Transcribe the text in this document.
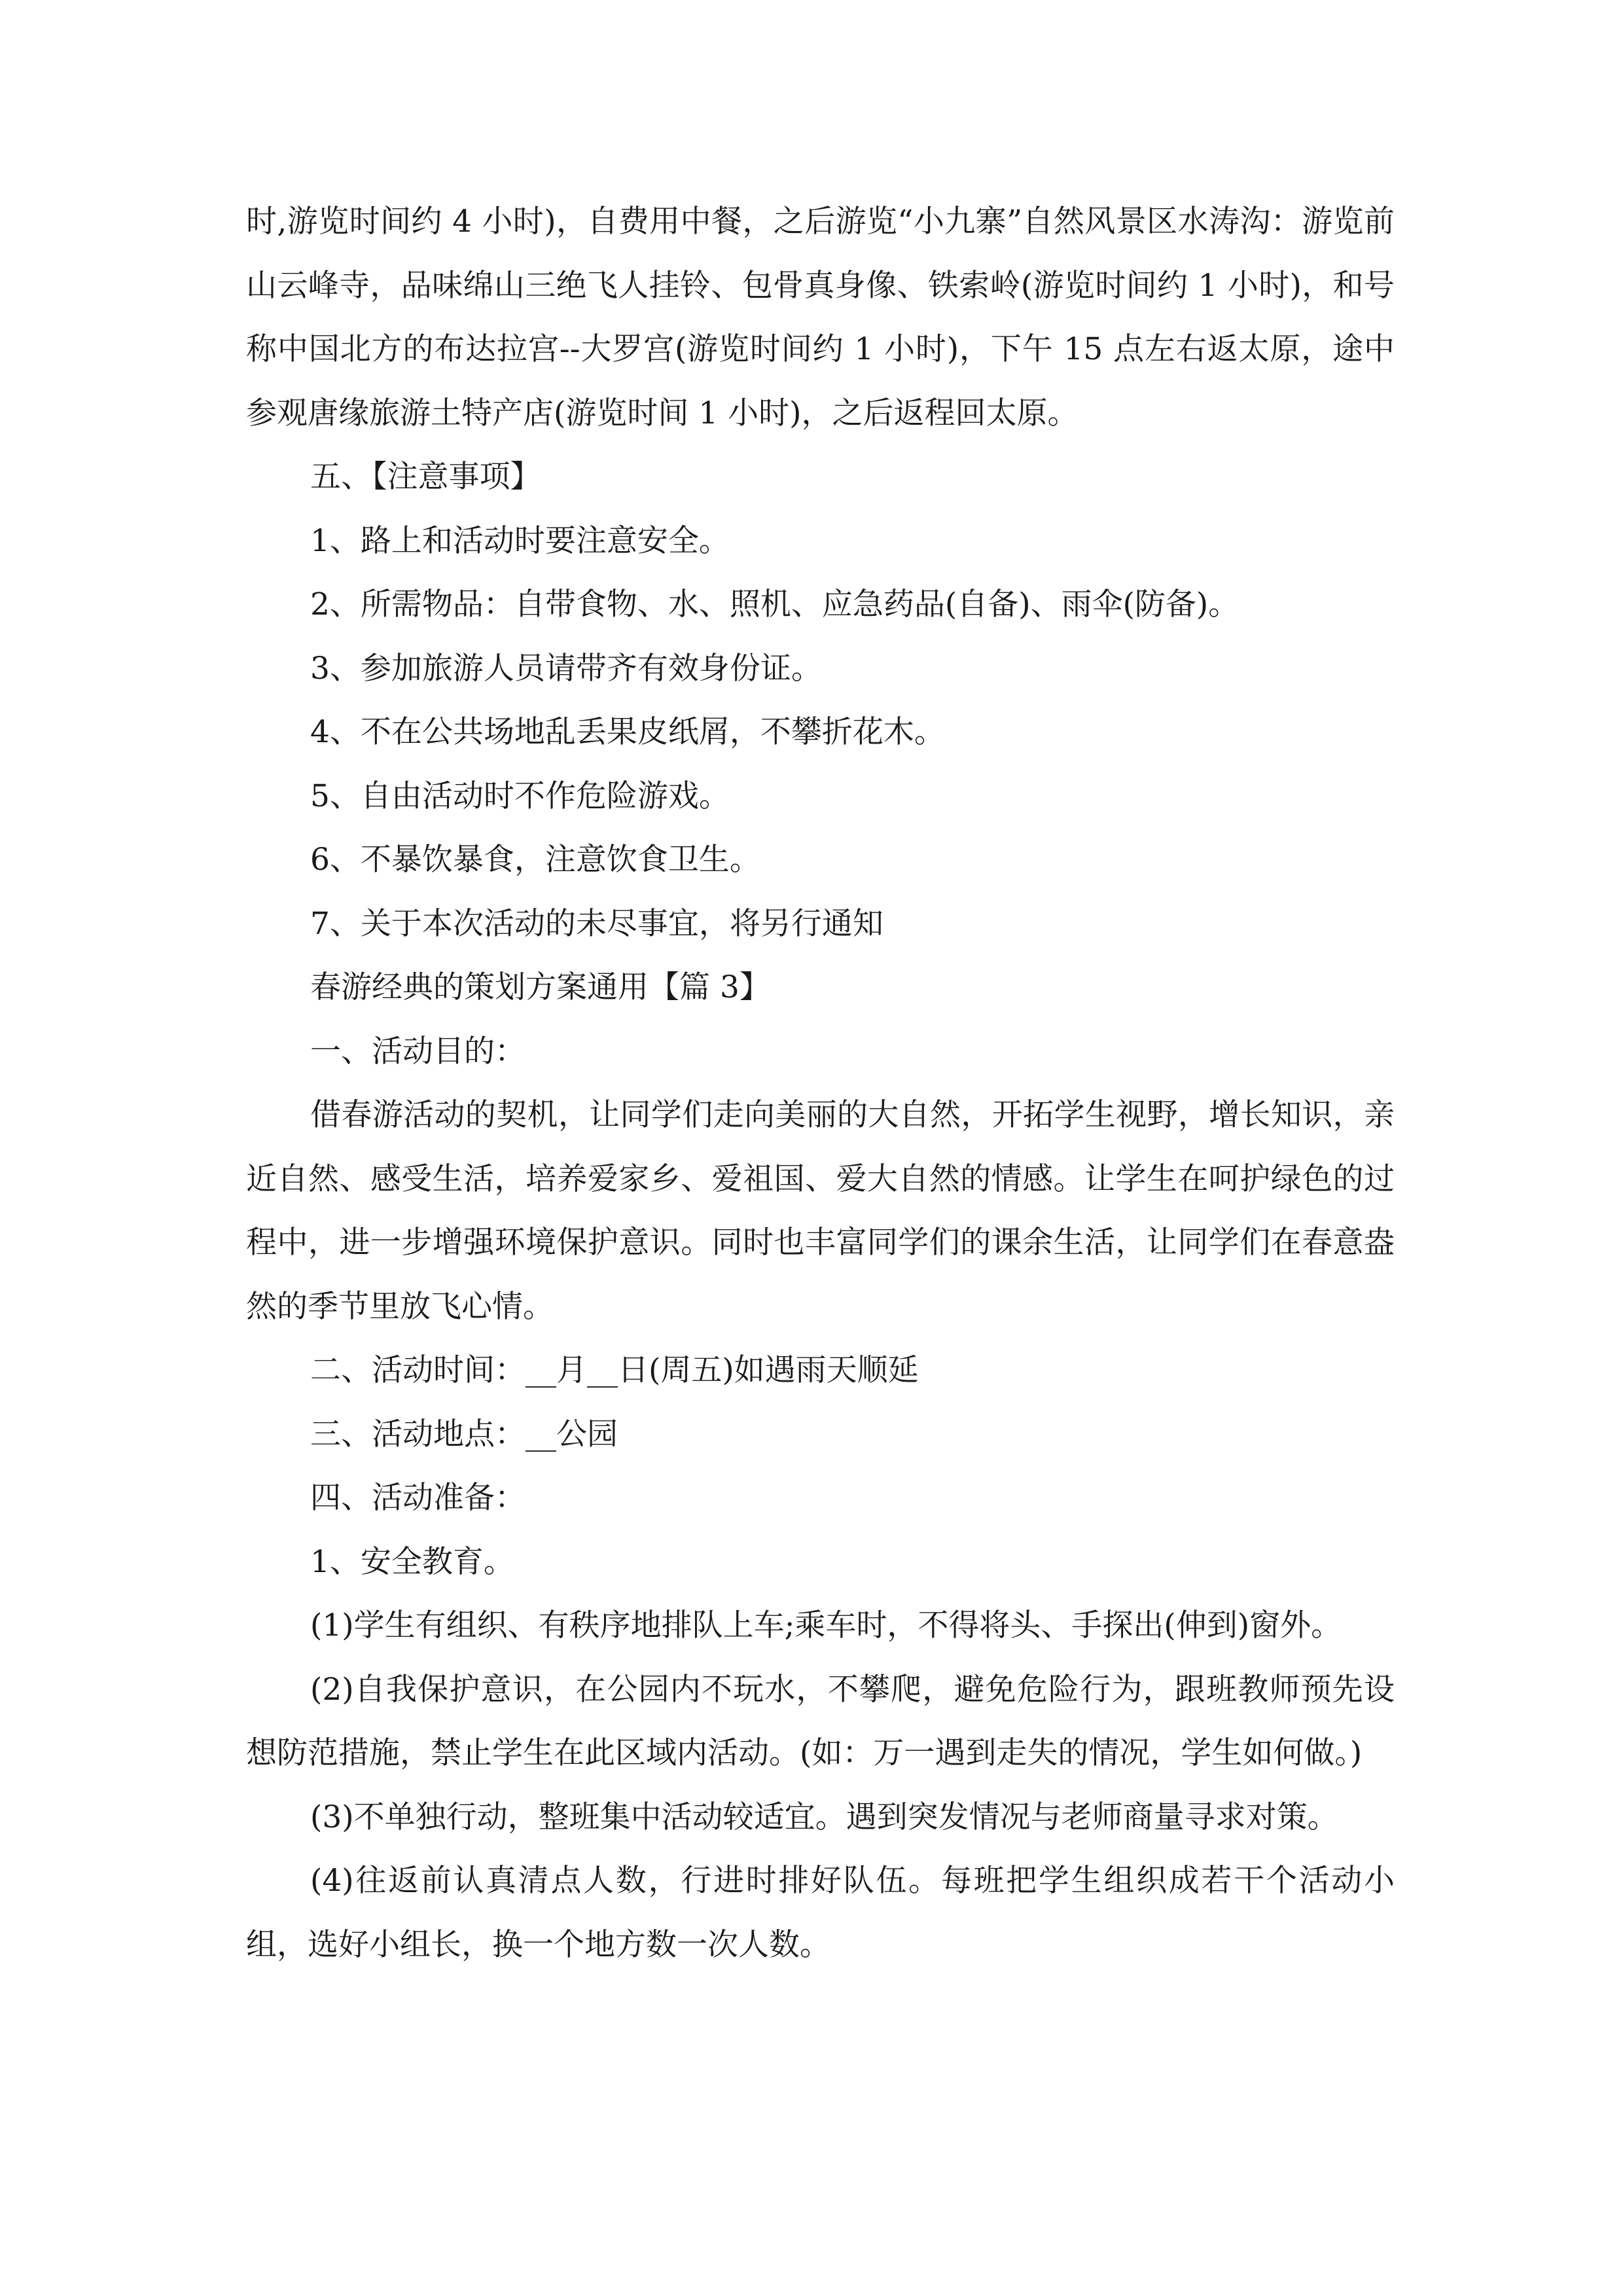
时,游览时间约 4 小时)，自费用中餐，之后游览“小九寨”自然风景区水涛沟：游览前山云峰寺，品味绵山三绝飞人挂铃、包骨真身像、铁索岭(游览时间约 1 小时)，和号称中国北方的布达拉宫--大罗宫(游览时间约 1 小时)，下午 15 点左右返太原，途中参观唐缘旅游土特产店(游览时间 1 小时)，之后返程回太原。

五、【注意事项】

1、路上和活动时要注意安全。

2、所需物品：自带食物、水、照机、应急药品(自备)、雨伞(防备)。

3、参加旅游人员请带齐有效身份证。

4、不在公共场地乱丢果皮纸屑，不攀折花木。

5、自由活动时不作危险游戏。

6、不暴饮暴食，注意饮食卫生。

7、关于本次活动的未尽事宜，将另行通知

春游经典的策划方案通用【篇 3】

一、活动目的：

借春游活动的契机，让同学们走向美丽的大自然，开拓学生视野，增长知识，亲近自然、感受生活，培养爱家乡、爱祖国、爱大自然的情感。让学生在呵护绿色的过程中，进一步增强环境保护意识。同时也丰富同学们的课余生活，让同学们在春意盎然的季节里放飞心情。

二、活动时间：__月__日(周五)如遇雨天顺延

三、活动地点：__公园

四、活动准备：

1、安全教育。

(1)学生有组织、有秩序地排队上车;乘车时，不得将头、手探出(伸到)窗外。

(2)自我保护意识，在公园内不玩水，不攀爬，避免危险行为，跟班教师预先设想防范措施，禁止学生在此区域内活动。(如：万一遇到走失的情况，学生如何做。)

(3)不单独行动，整班集中活动较适宜。遇到突发情况与老师商量寻求对策。

(4)往返前认真清点人数，行进时排好队伍。每班把学生组织成若干个活动小组，选好小组长，换一个地方数一次人数。
